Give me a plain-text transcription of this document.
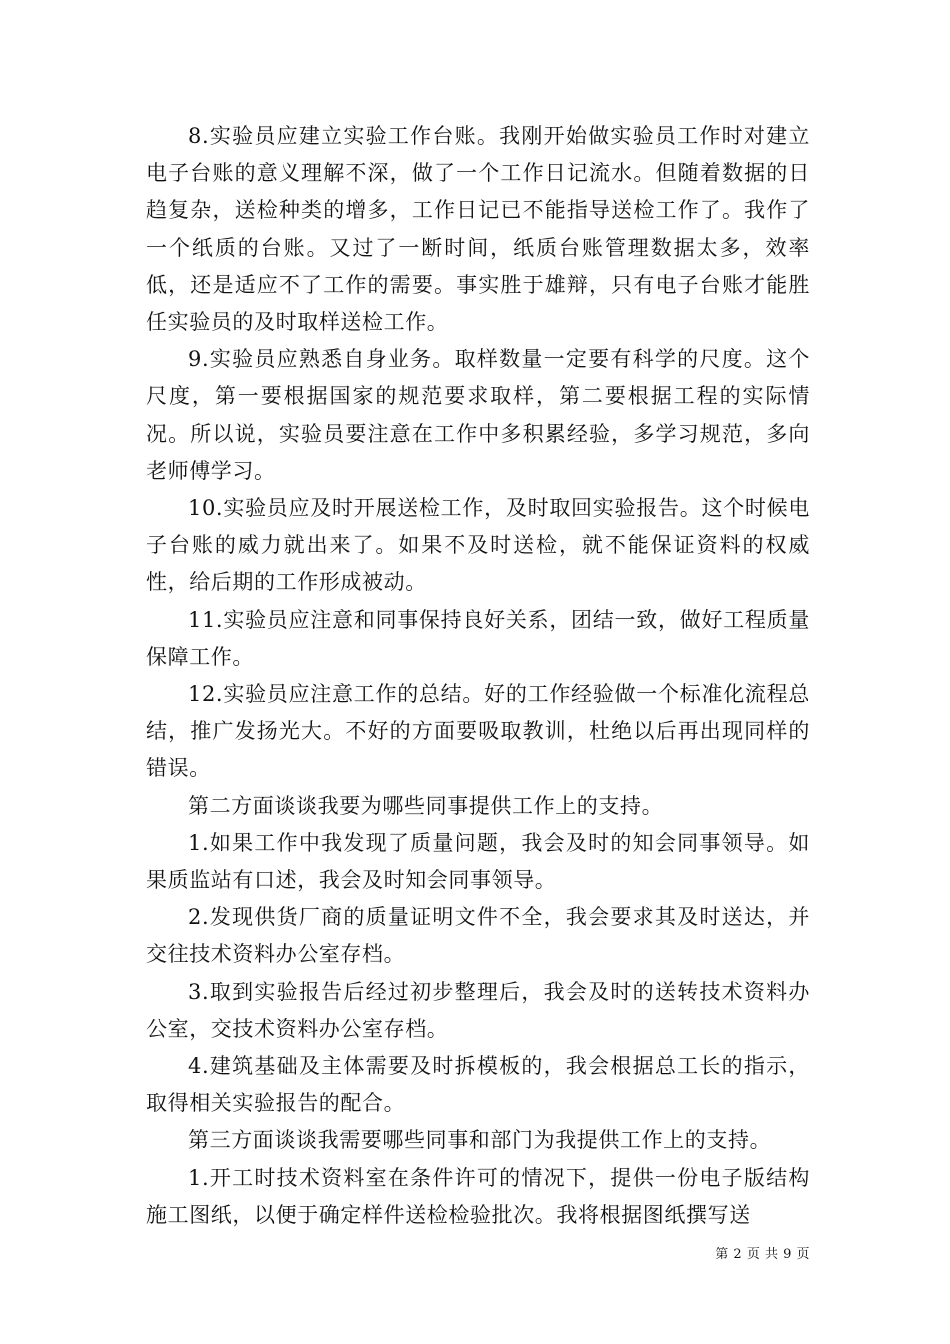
8.实验员应建立实验工作台账。我刚开始做实验员工作时对建立电子台账的意义理解不深，做了一个工作日记流水。但随着数据的日趋复杂，送检种类的增多，工作日记已不能指导送检工作了。我作了一个纸质的台账。又过了一断时间，纸质台账管理数据太多，效率低，还是适应不了工作的需要。事实胜于雄辩，只有电子台账才能胜任实验员的及时取样送检工作。

9.实验员应熟悉自身业务。取样数量一定要有科学的尺度。这个尺度，第一要根据国家的规范要求取样，第二要根据工程的实际情况。所以说，实验员要注意在工作中多积累经验，多学习规范，多向老师傅学习。

10.实验员应及时开展送检工作，及时取回实验报告。这个时候电子台账的威力就出来了。如果不及时送检，就不能保证资料的权威性，给后期的工作形成被动。

11.实验员应注意和同事保持良好关系，团结一致，做好工程质量保障工作。

12.实验员应注意工作的总结。好的工作经验做一个标准化流程总结，推广发扬光大。不好的方面要吸取教训，杜绝以后再出现同样的错误。

第二方面谈谈我要为哪些同事提供工作上的支持。

1.如果工作中我发现了质量问题，我会及时的知会同事领导。如果质监站有口述，我会及时知会同事领导。

2.发现供货厂商的质量证明文件不全，我会要求其及时送达，并交往技术资料办公室存档。

3.取到实验报告后经过初步整理后，我会及时的送转技术资料办公室，交技术资料办公室存档。

4.建筑基础及主体需要及时拆模板的，我会根据总工长的指示，取得相关实验报告的配合。

第三方面谈谈我需要哪些同事和部门为我提供工作上的支持。

1.开工时技术资料室在条件许可的情况下，提供一份电子版结构施工图纸，以便于确定样件送检检验批次。我将根据图纸撰写送

第 2 页 共 9 页
